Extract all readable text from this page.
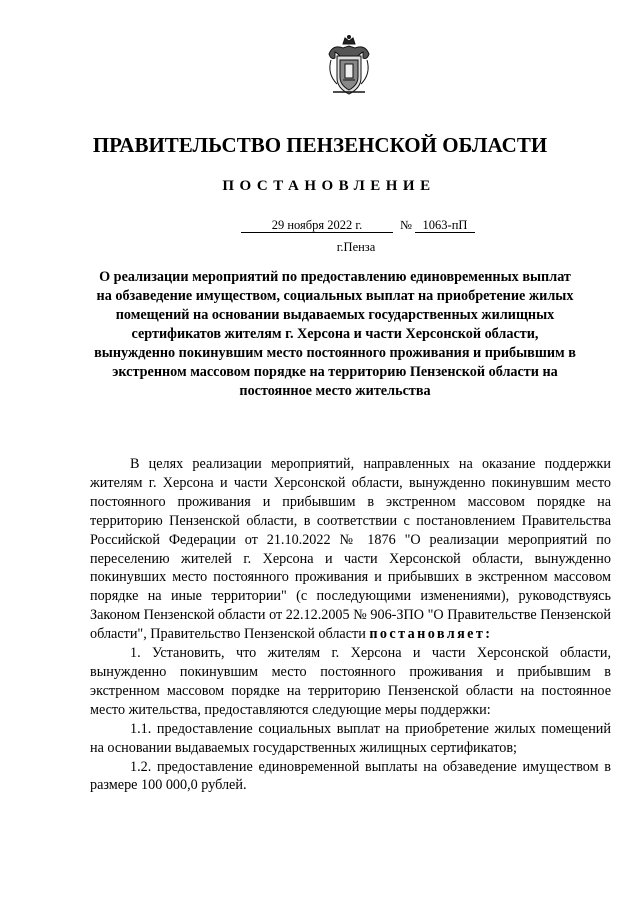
ПРАВИТЕЛЬСТВО ПЕНЗЕНСКОЙ ОБЛАСТИ
ПОСТАНОВЛЕНИЕ
29 ноября 2022 г.	№ 1063-пП
г.Пенза
О реализации мероприятий по предоставлению единовременных выплат на обзаведение имуществом, социальных выплат на приобретение жилых помещений на основании выдаваемых государственных жилищных сертификатов жителям г. Херсона и части Херсонской области, вынужденно покинувшим место постоянного проживания и прибывшим в экстренном массовом порядке на территорию Пензенской области на постоянное место жительства

В целях реализации мероприятий, направленных на оказание поддержки жителям г. Херсона и части Херсонской области, вынужденно покинувшим место постоянного проживания и прибывшим в экстренном массовом порядке на территорию Пензенской области, в соответствии с постановлением Правительства Российской Федерации от 21.10.2022 № 1876 "О реализации мероприятий по переселению жителей г. Херсона и части Херсонской области, вынужденно покинувших место постоянного проживания и прибывших в экстренном массовом порядке на иные территории" (с последующими изменениями), руководствуясь Законом Пензенской области от 22.12.2005 № 906-ЗПО "О Правительстве Пензенской области", Правительство Пензенской области постановляет:

1. Установить, что жителям г. Херсона и части Херсонской области, вынужденно покинувшим место постоянного проживания и прибывшим в экстренном массовом порядке на территорию Пензенской области на постоянное место жительства, предоставляются следующие меры поддержки:

1.1. предоставление социальных выплат на приобретение жилых помещений на основании выдаваемых государственных жилищных сертификатов;

1.2. предоставление единовременной выплаты на обзаведение имуществом в размере 100 000,0 рублей.
